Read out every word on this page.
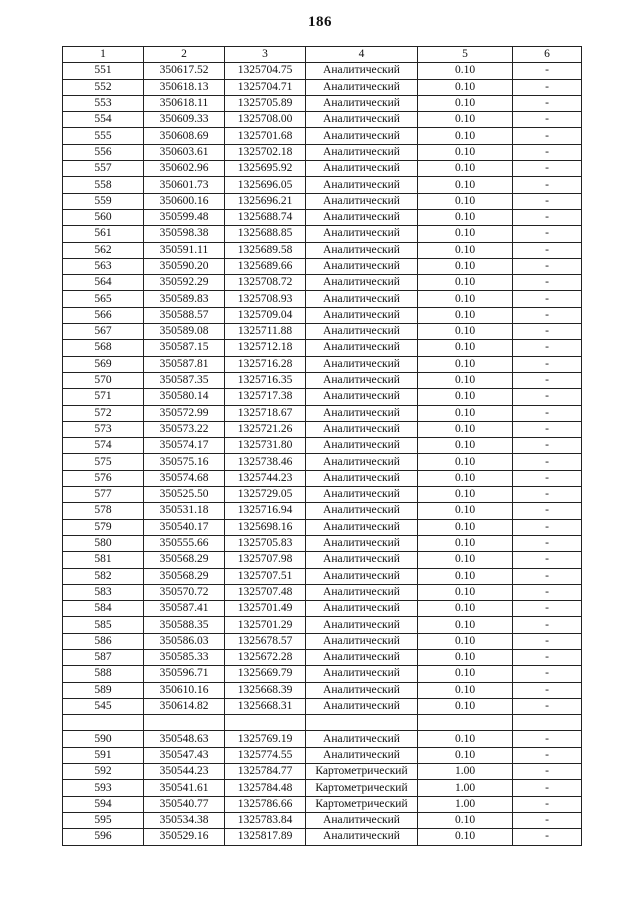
186
1	2	3	4	5	6
551	350617.52	1325704.75	Аналитический	0.10	-
552	350618.13	1325704.71	Аналитический	0.10	-
553	350618.11	1325705.89	Аналитический	0.10	-
554	350609.33	1325708.00	Аналитический	0.10	-
555	350608.69	1325701.68	Аналитический	0.10	-
556	350603.61	1325702.18	Аналитический	0.10	-
557	350602.96	1325695.92	Аналитический	0.10	-
558	350601.73	1325696.05	Аналитический	0.10	-
559	350600.16	1325696.21	Аналитический	0.10	-
560	350599.48	1325688.74	Аналитический	0.10	-
561	350598.38	1325688.85	Аналитический	0.10	-
562	350591.11	1325689.58	Аналитический	0.10	-
563	350590.20	1325689.66	Аналитический	0.10	-
564	350592.29	1325708.72	Аналитический	0.10	-
565	350589.83	1325708.93	Аналитический	0.10	-
566	350588.57	1325709.04	Аналитический	0.10	-
567	350589.08	1325711.88	Аналитический	0.10	-
568	350587.15	1325712.18	Аналитический	0.10	-
569	350587.81	1325716.28	Аналитический	0.10	-
570	350587.35	1325716.35	Аналитический	0.10	-
571	350580.14	1325717.38	Аналитический	0.10	-
572	350572.99	1325718.67	Аналитический	0.10	-
573	350573.22	1325721.26	Аналитический	0.10	-
574	350574.17	1325731.80	Аналитический	0.10	-
575	350575.16	1325738.46	Аналитический	0.10	-
576	350574.68	1325744.23	Аналитический	0.10	-
577	350525.50	1325729.05	Аналитический	0.10	-
578	350531.18	1325716.94	Аналитический	0.10	-
579	350540.17	1325698.16	Аналитический	0.10	-
580	350555.66	1325705.83	Аналитический	0.10	-
581	350568.29	1325707.98	Аналитический	0.10	-
582	350568.29	1325707.51	Аналитический	0.10	-
583	350570.72	1325707.48	Аналитический	0.10	-
584	350587.41	1325701.49	Аналитический	0.10	-
585	350588.35	1325701.29	Аналитический	0.10	-
586	350586.03	1325678.57	Аналитический	0.10	-
587	350585.33	1325672.28	Аналитический	0.10	-
588	350596.71	1325669.79	Аналитический	0.10	-
589	350610.16	1325668.39	Аналитический	0.10	-
545	350614.82	1325668.31	Аналитический	0.10	-

590	350548.63	1325769.19	Аналитический	0.10	-
591	350547.43	1325774.55	Аналитический	0.10	-
592	350544.23	1325784.77	Картометрический	1.00	-
593	350541.61	1325784.48	Картометрический	1.00	-
594	350540.77	1325786.66	Картометрический	1.00	-
595	350534.38	1325783.84	Аналитический	0.10	-
596	350529.16	1325817.89	Аналитический	0.10	-
